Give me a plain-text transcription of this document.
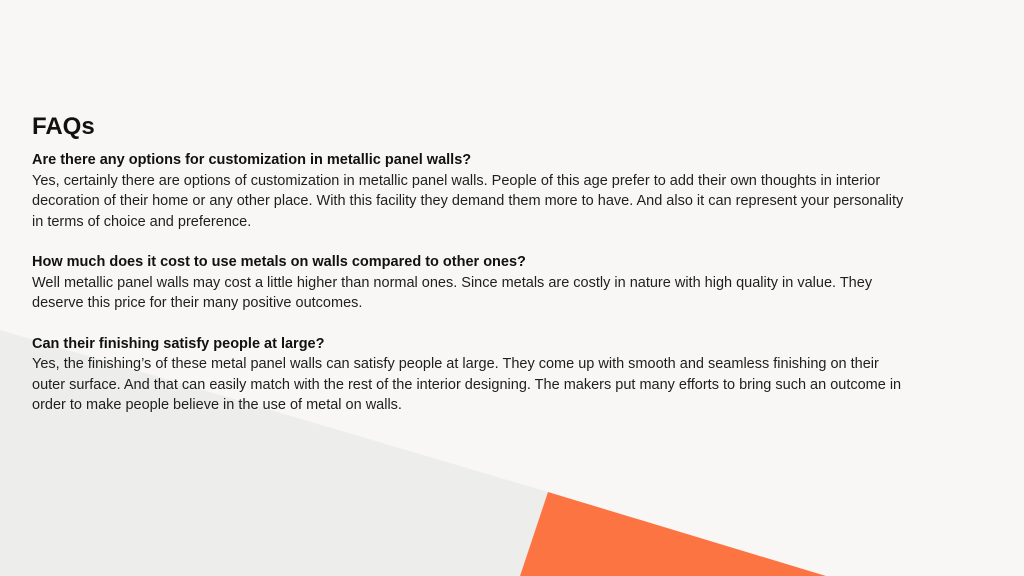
FAQs

Are there any options for customization in metallic panel walls?

Yes, certainly there are options of customization in metallic panel walls. People of this age prefer to add their own thoughts in interior decoration of their home or any other place. With this facility they demand them more to have. And also it can represent your personality in terms of choice and preference.

How much does it cost to use metals on walls compared to other ones?

Well metallic panel walls may cost a little higher than normal ones. Since metals are costly in nature with high quality in value. They deserve this price for their many positive outcomes.

Can their finishing satisfy people at large?

Yes, the finishing’s of these metal panel walls can satisfy people at large. They come up with smooth and seamless finishing on their outer surface. And that can easily match with the rest of the interior designing. The makers put many efforts to bring such an outcome in order to make people believe in the use of metal on walls.
